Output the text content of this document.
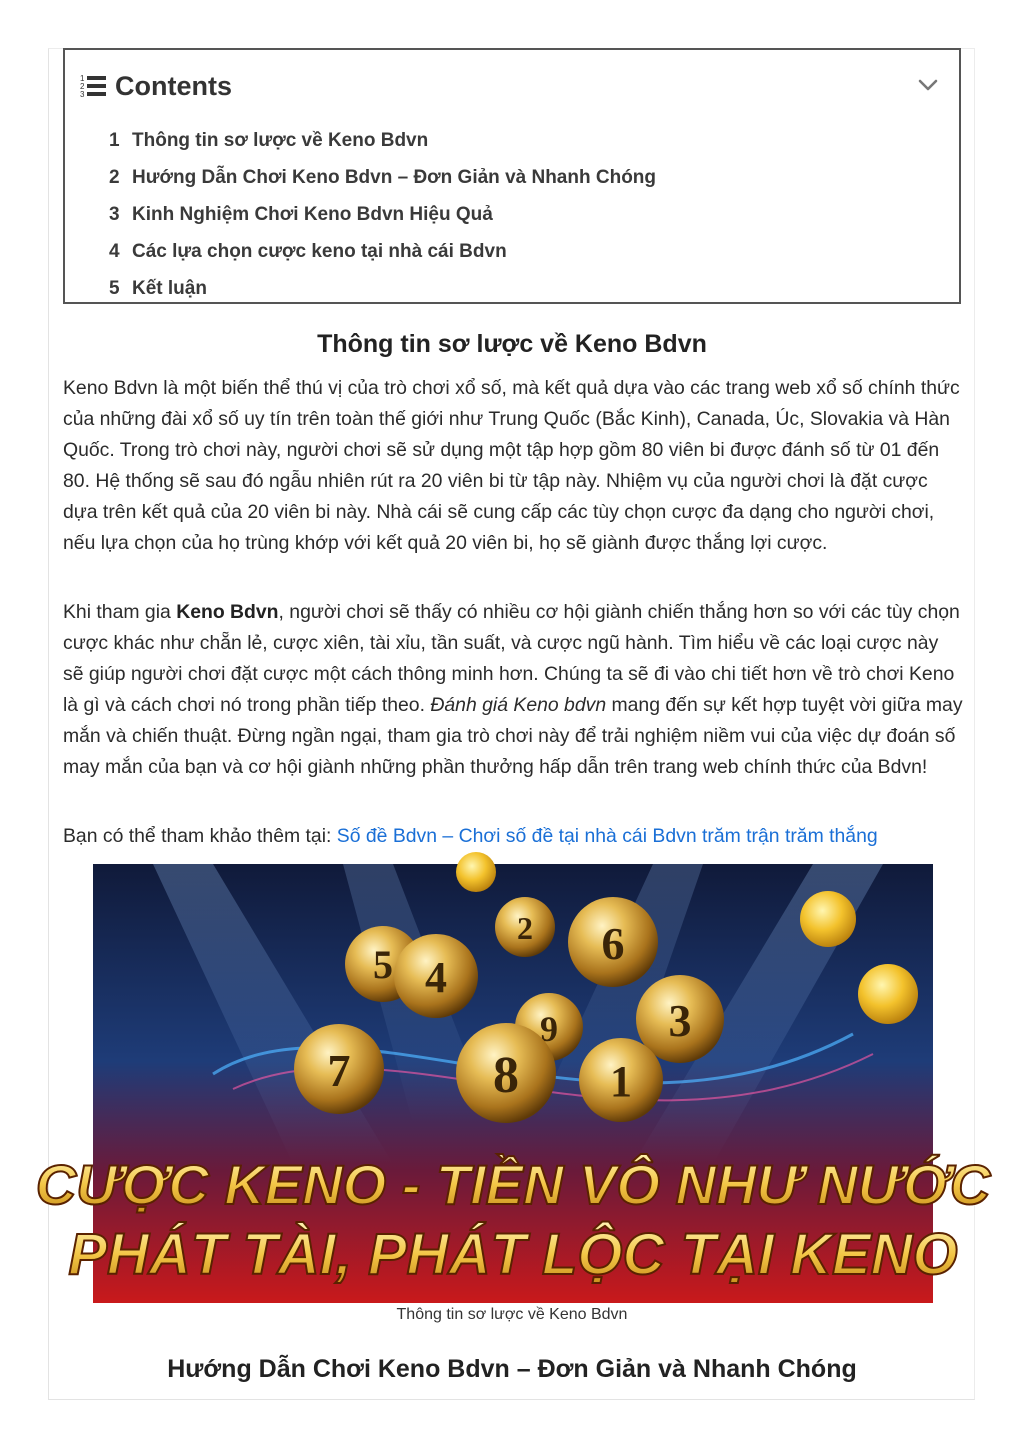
1
2
3 Contents
1 Thông tin sơ lược về Keno Bdvn
2 Hướng Dẫn Chơi Keno Bdvn – Đơn Giản và Nhanh Chóng
3 Kinh Nghiệm Chơi Keno Bdvn Hiệu Quả
4 Các lựa chọn cược keno tại nhà cái Bdvn
5 Kết luận
Thông tin sơ lược về Keno Bdvn

Keno Bdvn là một biến thể thú vị của trò chơi xổ số, mà kết quả dựa vào các trang web xổ số chính thức của những đài xổ số uy tín trên toàn thế giới như Trung Quốc (Bắc Kinh), Canada, Úc, Slovakia và Hàn Quốc. Trong trò chơi này, người chơi sẽ sử dụng một tập hợp gồm 80 viên bi được đánh số từ 01 đến 80. Hệ thống sẽ sau đó ngẫu nhiên rút ra 20 viên bi từ tập này. Nhiệm vụ của người chơi là đặt cược dựa trên kết quả của 20 viên bi này. Nhà cái sẽ cung cấp các tùy chọn cược đa dạng cho người chơi, nếu lựa chọn của họ trùng khớp với kết quả 20 viên bi, họ sẽ giành được thắng lợi cược.

Khi tham gia Keno Bdvn, người chơi sẽ thấy có nhiều cơ hội giành chiến thắng hơn so với các tùy chọn cược khác như chẵn lẻ, cược xiên, tài xỉu, tần suất, và cược ngũ hành. Tìm hiểu về các loại cược này sẽ giúp người chơi đặt cược một cách thông minh hơn. Chúng ta sẽ đi vào chi tiết hơn về trò chơi Keno là gì và cách chơi nó trong phần tiếp theo. Đánh giá Keno bdvn mang đến sự kết hợp tuyệt vời giữa may mắn và chiến thuật. Đừng ngần ngại, tham gia trò chơi này để trải nghiệm niềm vui của việc dự đoán số may mắn của bạn và cơ hội giành những phần thưởng hấp dẫn trên trang web chính thức của Bdvn!

Bạn có thể tham khảo thêm tại: Số đề Bdvn – Chơi số đề tại nhà cái Bdvn trăm trận trăm thắng

5 4
2 6
7
9 3
8 1
CƯỢC KENO - TIỀN VÔ NHƯ NƯỚC
PHÁT TÀI, PHÁT LỘC TẠI KENO
Thông tin sơ lược về Keno Bdvn
Hướng Dẫn Chơi Keno Bdvn – Đơn Giản và Nhanh Chóng
